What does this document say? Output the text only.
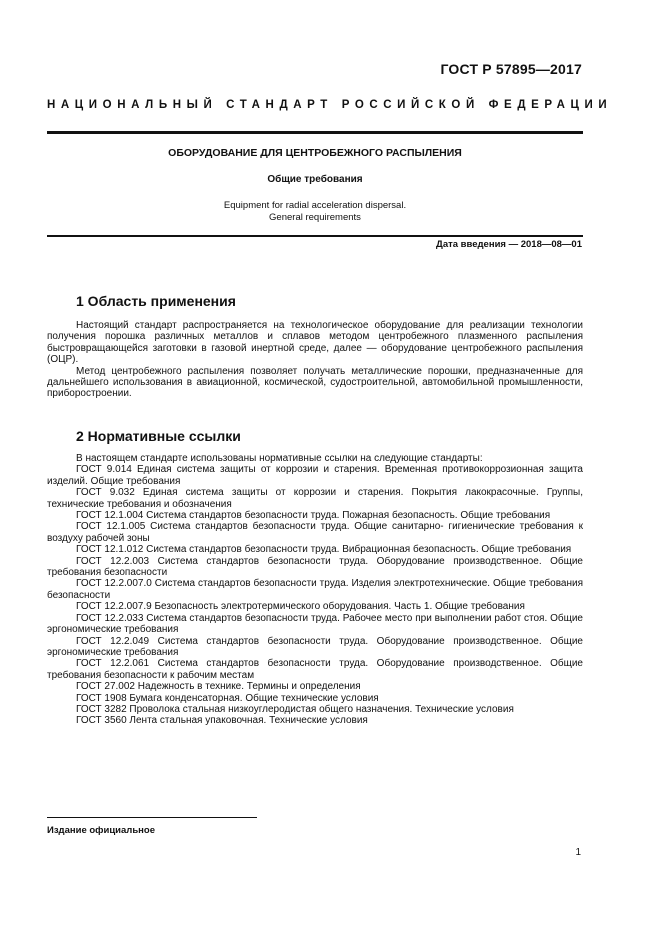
ГОСТ Р 57895—2017
НАЦИОНАЛЬНЫЙ СТАНДАРТ РОССИЙСКОЙ ФЕДЕРАЦИИ
ОБОРУДОВАНИЕ ДЛЯ ЦЕНТРОБЕЖНОГО РАСПЫЛЕНИЯ
Общие требования
Equipment for radial acceleration dispersal.
General requirements
Дата введения — 2018—08—01
1 Область применения

Настоящий стандарт распространяется на технологическое оборудование для реализации технологии получения порошка различных металлов и сплавов методом центробежного плазменного распыления быстровращающейся заготовки в газовой инертной среде, далее — оборудование центробежного распыления (ОЦР).

Метод центробежного распыления позволяет получать металлические порошки, предназначенные для дальнейшего использования в авиационной, космической, судостроительной, автомобильной промышленности, приборостроении.

2 Нормативные ссылки

В настоящем стандарте использованы нормативные ссылки на следующие стандарты:

ГОСТ 9.014 Единая система защиты от коррозии и старения. Временная противокоррозионная защита изделий. Общие требования

ГОСТ 9.032 Единая система защиты от коррозии и старения. Покрытия лакокрасочные. Группы, технические требования и обозначения

ГОСТ 12.1.004 Система стандартов безопасности труда. Пожарная безопасность. Общие требования

ГОСТ 12.1.005 Система стандартов безопасности труда. Общие санитарно- гигиенические требования к воздуху рабочей зоны

ГОСТ 12.1.012 Система стандартов безопасности труда. Вибрационная безопасность. Общие требования

ГОСТ 12.2.003 Система стандартов безопасности труда. Оборудование производственное. Общие требования безопасности

ГОСТ 12.2.007.0 Система стандартов безопасности труда. Изделия электротехнические. Общие требования безопасности

ГОСТ 12.2.007.9 Безопасность электротермического оборудования. Часть 1. Общие требования

ГОСТ 12.2.033 Система стандартов безопасности труда. Рабочее место при выполнении работ стоя. Общие эргономические требования

ГОСТ 12.2.049 Система стандартов безопасности труда. Оборудование производственное. Общие эргономические требования

ГОСТ 12.2.061 Система стандартов безопасности труда. Оборудование производственное. Общие требования безопасности к рабочим местам

ГОСТ 27.002 Надежность в технике. Термины и определения

ГОСТ 1908 Бумага конденсаторная. Общие технические условия

ГОСТ 3282 Проволока стальная низкоуглеродистая общего назначения. Технические условия

ГОСТ 3560 Лента стальная упаковочная. Технические условия

Издание официальное
1
